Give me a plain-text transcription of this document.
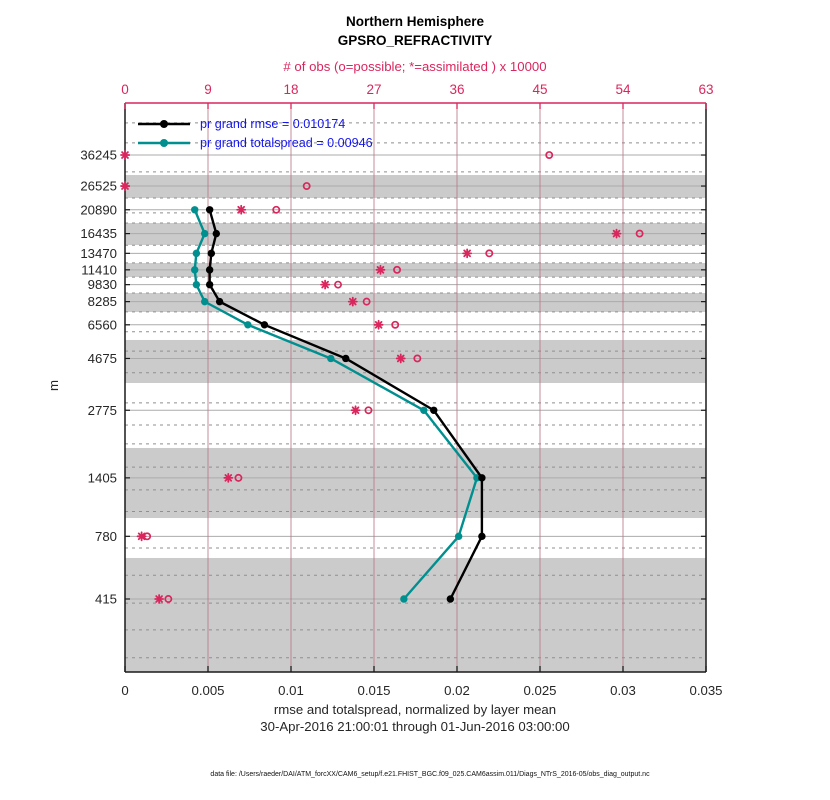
Northern Hemisphere
GPSRO_REFRACTIVITY
# of obs (o=possible; *=assimilated ) x 10000
0	9	18	27	36	45	54	63
0	0.005	0.01	0.015	0.02	0.025	0.03	0.035
36245
26525
20890
16435
13470
11410
9830
8285
6560
4675
2775
1405
780
415
pr grand rmse = 0.010174
pr grand totalspread = 0.00946
m
rmse and totalspread, normalized by layer mean
30-Apr-2016 21:00:01 through 01-Jun-2016 03:00:00
data file: /Users/raeder/DAI/ATM_forcXX/CAM6_setup/f.e21.FHIST_BGC.f09_025.CAM6assim.011/Diags_NTrS_2016-05/obs_diag_output.nc
